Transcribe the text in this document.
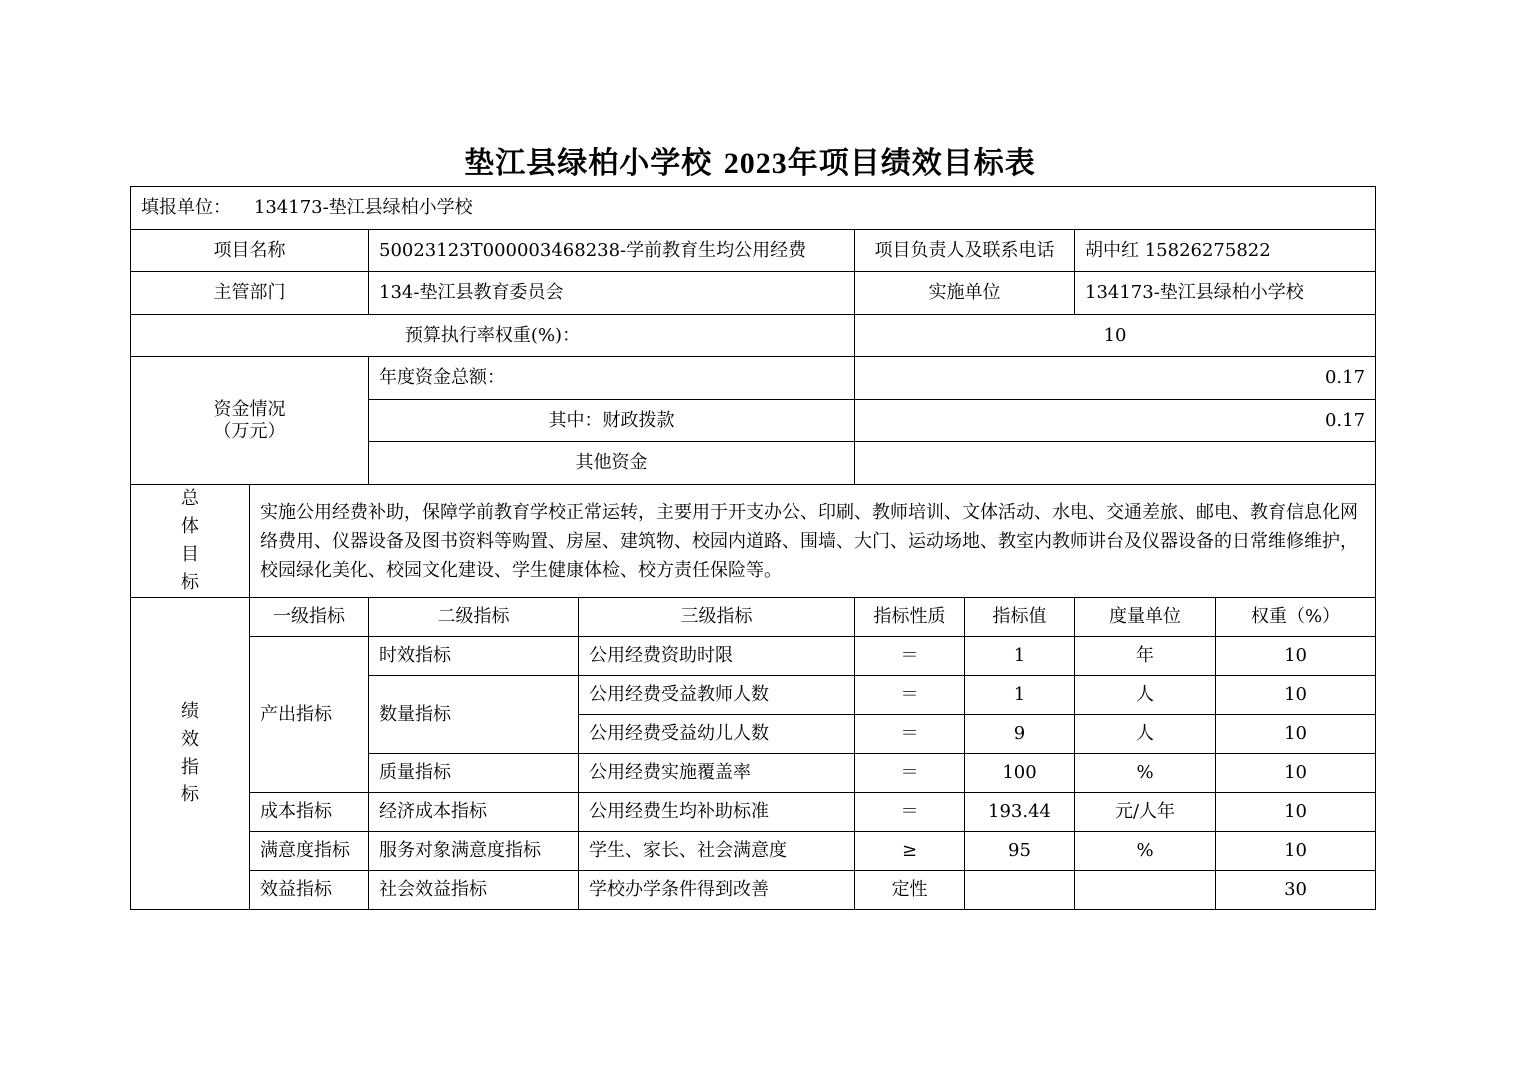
垫江县绿柏小学校 2023年项目绩效目标表
填报单位： 134173-垫江县绿柏小学校							
项目名称		50023123T000003468238-学前教育生均公用经费		项目负责人及联系电话		胡中红 15826275822	
主管部门		134-垫江县教育委员会		实施单位		134173-垫江县绿柏小学校	
预算执行率权重(%)：				10			
资金情况
（万元）		年度资金总额：		0.17			
		其中：财政拨款		0.17			
		其他资金					

总
体
目
标	实施公用经费补助，保障学前教育学校正常运转，主要用于开支办公、印刷、教师培训、文体活动、水电、交通差旅、邮电、教育信息化网络费用、仪器设备及图书资料等购置、房屋、建筑物、校园内道路、围墙、大门、运动场地、教室内教师讲台及仪器设备的日常维修维护，校园绿化美化、校园文化建设、学生健康体检、校方责任保险等。						

绩
效
指
标	一级指标	二级指标	三级指标	指标性质	指标值	度量单位	权重（%）
	产出指标	时效指标	公用经费资助时限	＝	1	年	10
		数量指标	公用经费受益教师人数	＝	1	人	10
			公用经费受益幼儿人数	＝	9	人	10
		质量指标	公用经费实施覆盖率	＝	100	%	10
	成本指标	经济成本指标	公用经费生均补助标准	＝	193.44	元/人年	10
	满意度指标	服务对象满意度指标	学生、家长、社会满意度	≥	95	%	10
	效益指标	社会效益指标	学校办学条件得到改善	定性			30
